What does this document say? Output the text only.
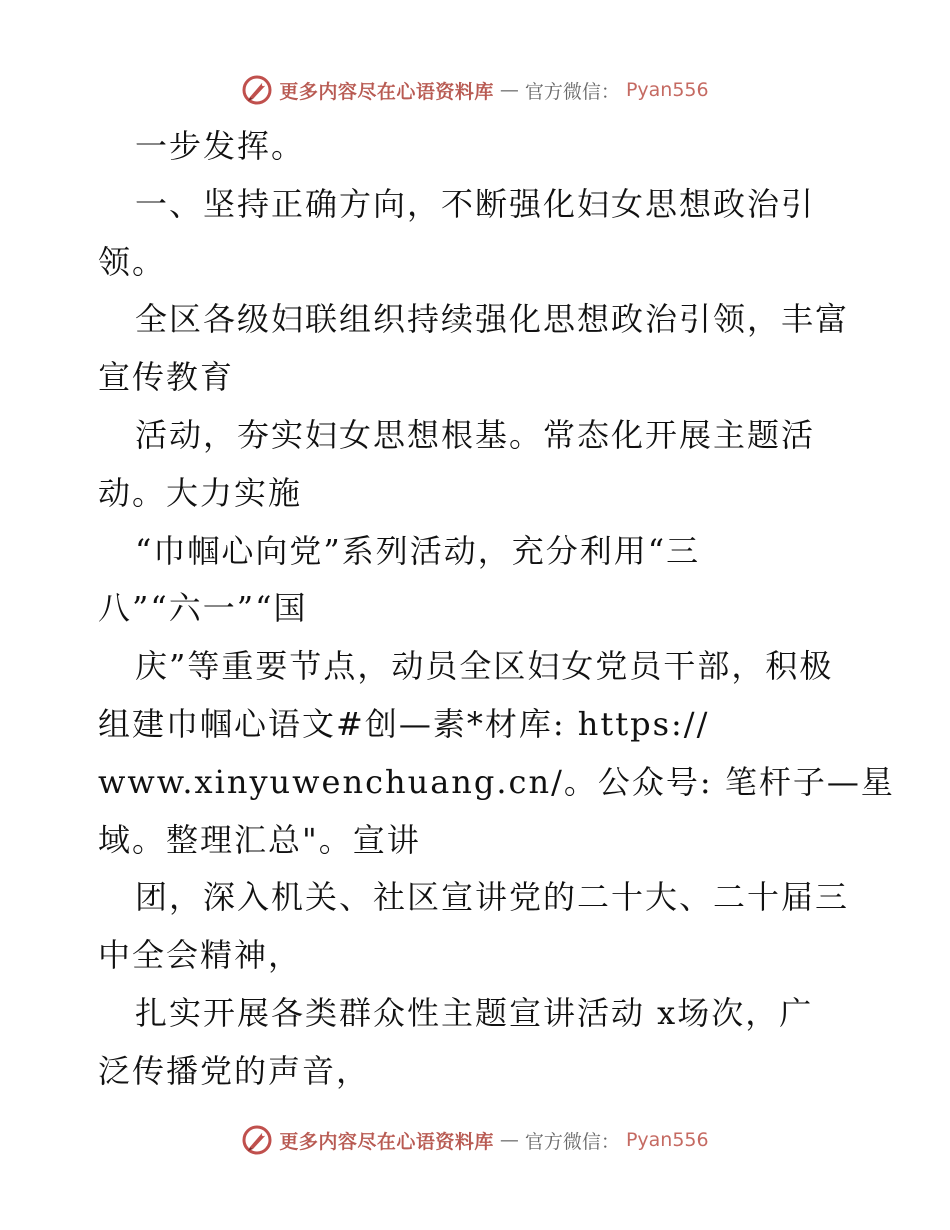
更多内容尽在心语资料库 — 官方微信： Pyan556
一步发挥。
一、坚持正确方向，不断强化妇女思想政治引
领。
全区各级妇联组织持续强化思想政治引领，丰富
宣传教育
活动，夯实妇女思想根基。常态化开展主题活
动。大力实施
“巾帼心向党”系列活动，充分利用“三
八”“六一”“国
庆”等重要节点，动员全区妇女党员干部，积极
组建巾帼心语文#创—素*材库: https://
www.xinyuwenchuang.cn/。公众号: 笔杆子—星
域。整理汇总"。宣讲
团，深入机关、社区宣讲党的二十大、二十届三
中全会精神，
扎实开展各类群众性主题宣讲活动 x场次，广
泛传播党的声音，
更多内容尽在心语资料库 — 官方微信： Pyan556
